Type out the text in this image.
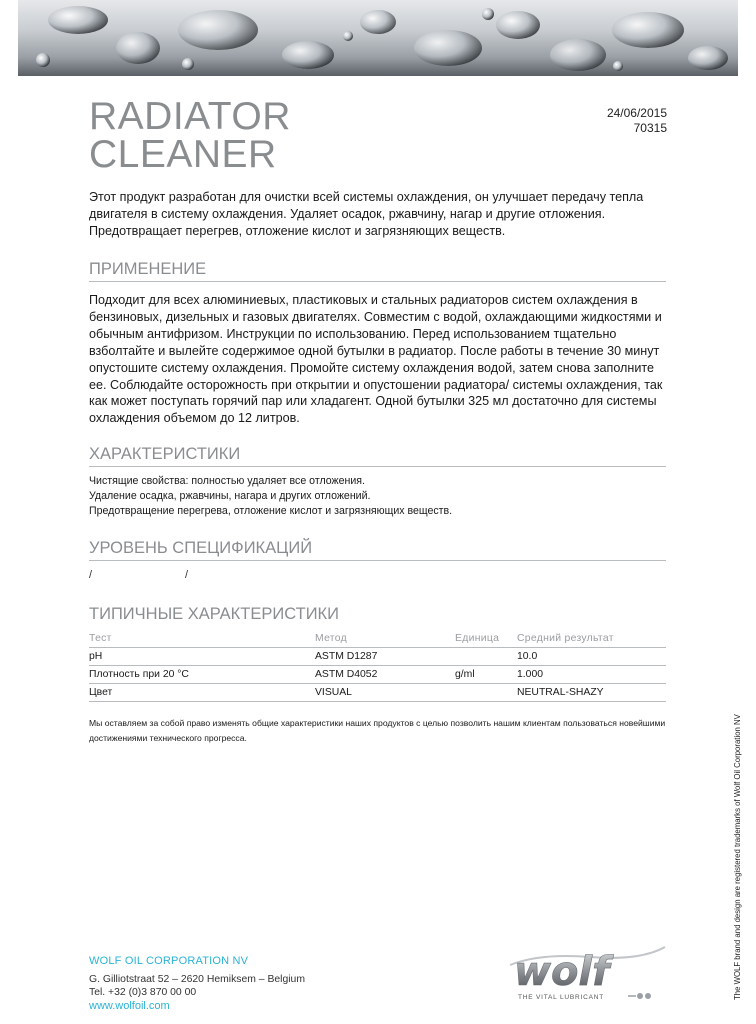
RADIATOR
CLEANER
24/06/2015
70315

Этот продукт разработан для очистки всей системы охлаждения, он улучшает передачу тепла двигателя в систему охлаждения. Удаляет осадок, ржавчину, нагар и другие отложения. Предотвращает перегрев, отложение кислот и загрязняющих веществ.

ПРИМЕНЕНИЕ

Подходит для всех алюминиевых, пластиковых и стальных радиаторов систем охлаждения в бензиновых, дизельных и газовых двигателях. Совместим с водой, охлаждающими жидкостями и обычным антифризом. Инструкции по использованию. Перед использованием тщательно взболтайте и вылейте содержимое одной бутылки в радиатор. После работы в течение 30 минут опустошите систему охлаждения. Промойте систему охлаждения водой, затем снова заполните ее. Соблюдайте осторожность при открытии и опустошении радиатора/ системы охлаждения, так как может поступать горячий пар или хладагент. Одной бутылки 325 мл достаточно для системы охлаждения объемом до 12 литров.

ХАРАКТЕРИСТИКИ
Чистящие свойства: полностью удаляет все отложения.
Удаление осадка, ржавчины, нагара и других отложений.
Предотвращение перегрева, отложение кислот и загрязняющих веществ.
УРОВЕНЬ СПЕЦИФИКАЦИЙ
/	/
ТИПИЧНЫЕ ХАРАКТЕРИСТИКИ
Тест	Метод	Единица	Средний результат
pH	ASTM D1287		10.0
Плотность при 20 °C	ASTM D4052	g/ml	1.000
Цвет	VISUAL		NEUTRAL-SHAZY

Мы оставляем за собой право изменять общие характеристики наших продуктов с целью позволить нашим клиентам пользоваться новейшими достижениями технического прогресса.	The WOLF brand and design are registered trademarks of Wolf Oil Corporation NV
WOLF OIL CORPORATION NV
G. Gilliotstraat 52 – 2620 Hemiksem – Belgium
Tel. +32 (0)3 870 00 00
www.wolfoil.com
wolf
THE VITAL LUBRICANT
